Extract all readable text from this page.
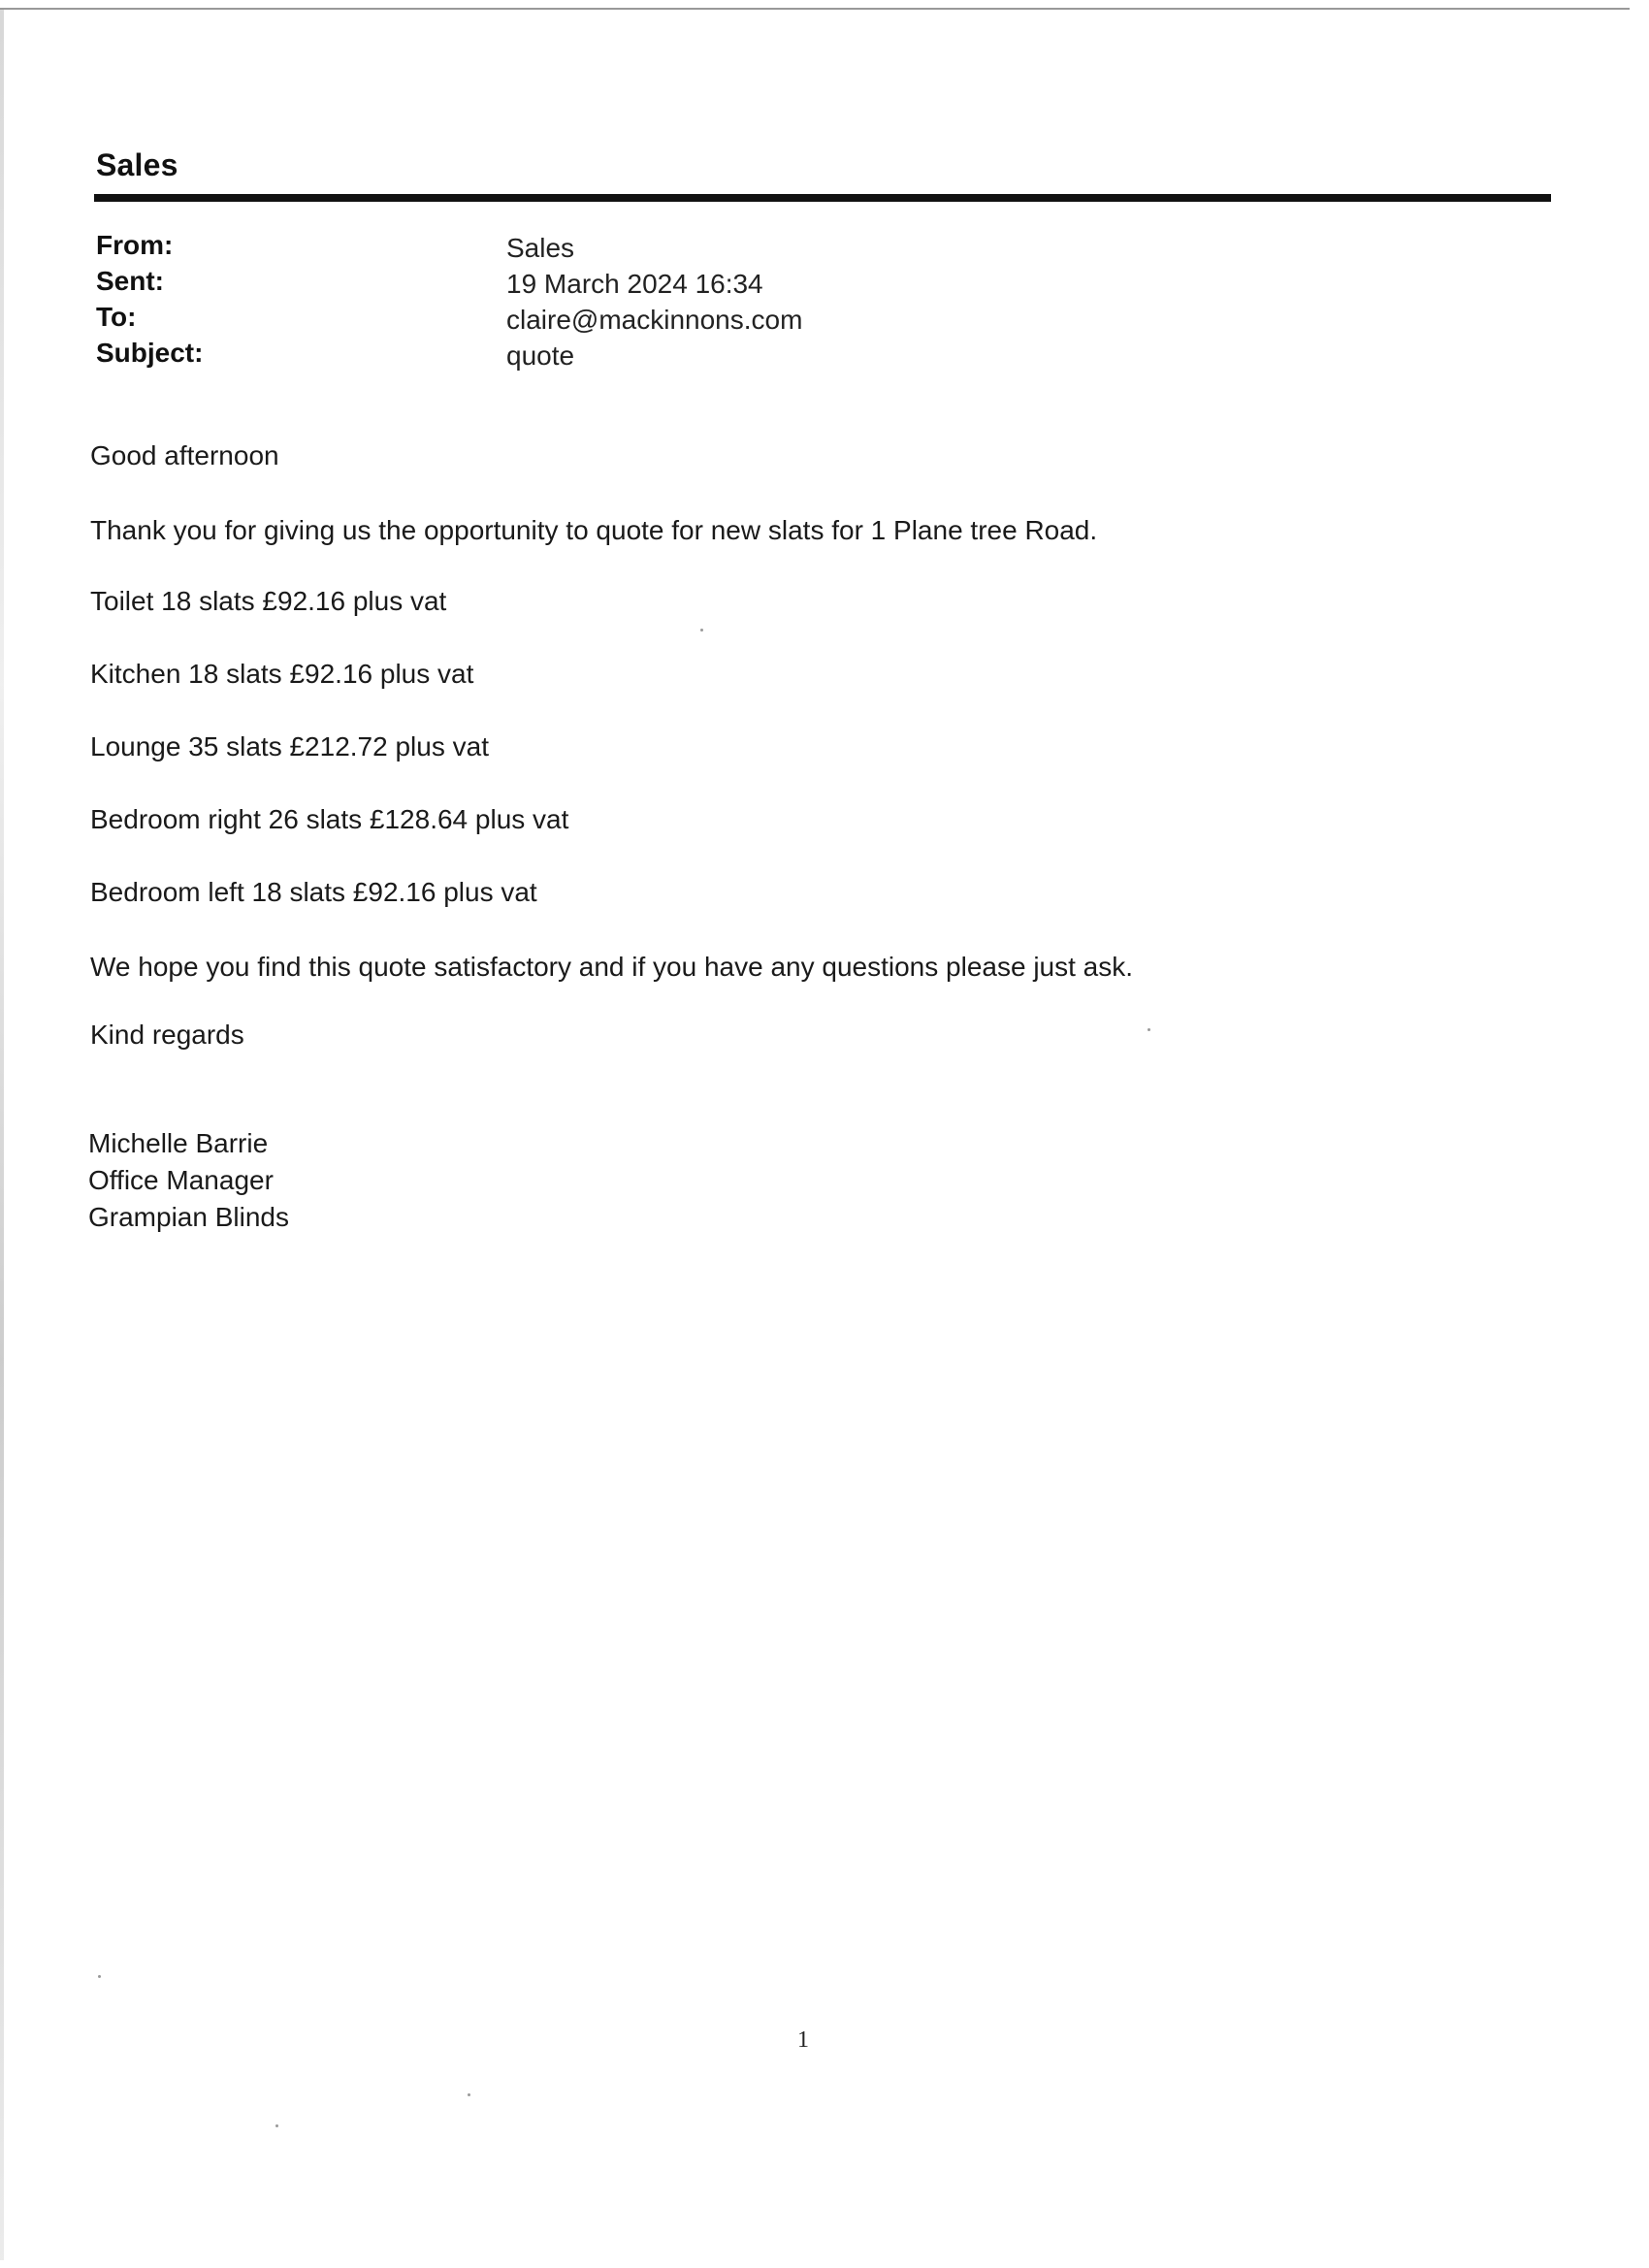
Sales
From:	Sales
Sent:	19 March 2024 16:34
To:	claire@mackinnons.com
Subject:	quote
Good afternoon
Thank you for giving us the opportunity to quote for new slats for 1 Plane tree Road.
Toilet 18 slats £92.16 plus vat
Kitchen 18 slats £92.16 plus vat
Lounge 35 slats £212.72 plus vat
Bedroom right 26 slats £128.64 plus vat
Bedroom left 18 slats £92.16 plus vat
We hope you find this quote satisfactory and if you have any questions please just ask.
Kind regards
Michelle Barrie
Office Manager
Grampian Blinds
1
